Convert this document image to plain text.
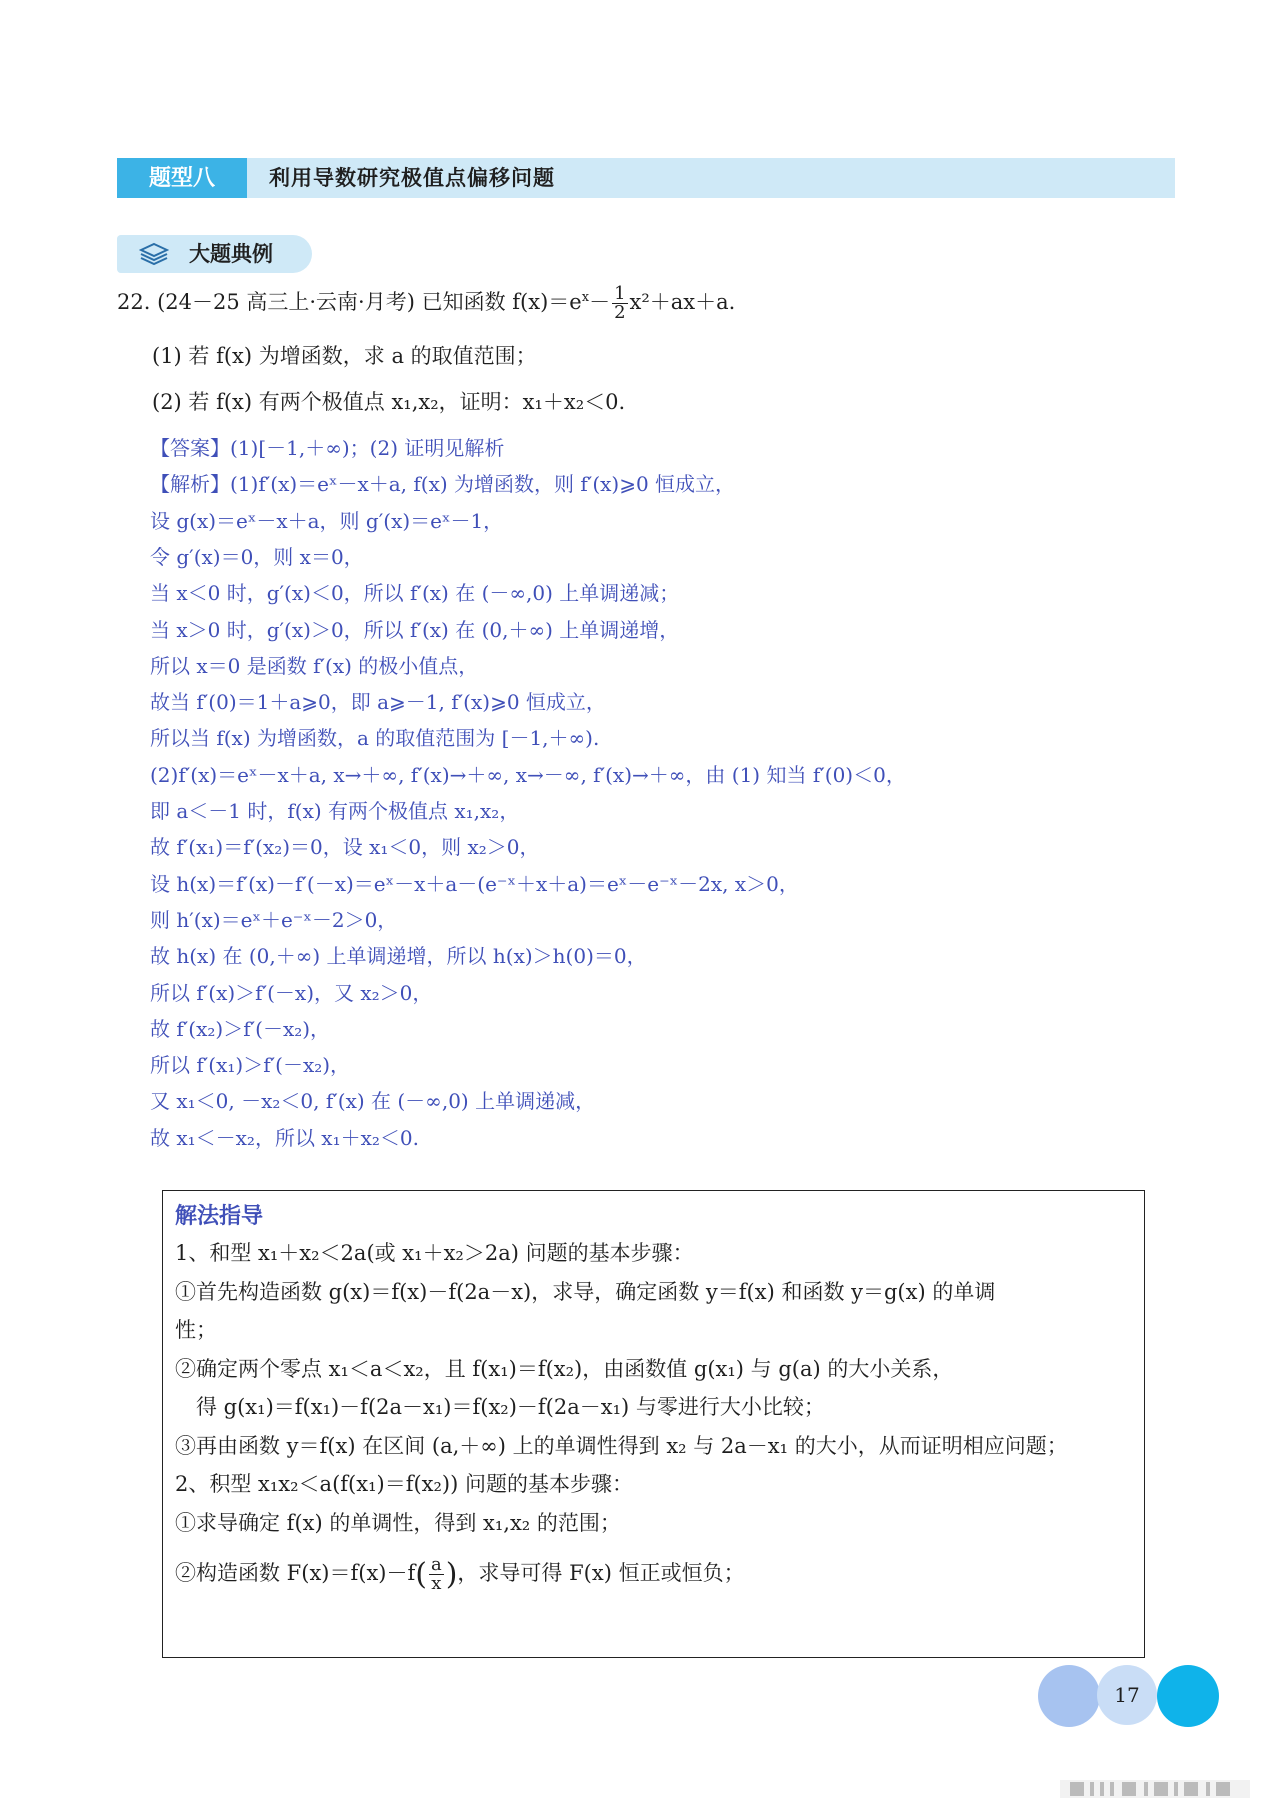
题型八	利用导数研究极值点偏移问题
大题典例
22. (24－25 高三上·云南·月考) 已知函数 $f(x)=e^x- \frac{1}{2} x^2+ax+a$.
(1) 若 f(x) 为增函数，求 a 的取值范围；
(2) 若 f(x) 有两个极值点 x₁,x₂，证明：x₁＋x₂＜0.
【答案】(1)[－1,＋∞)；(2) 证明见解析
【解析】(1)f′(x)＝eˣ－x＋a, f(x) 为增函数，则 f′(x)⩾0 恒成立，
设 g(x)＝eˣ－x＋a，则 g′(x)＝eˣ－1，
令 g′(x)＝0，则 x＝0，
当 x＜0 时，g′(x)＜0，所以 f′(x) 在 (－∞,0) 上单调递减；
当 x＞0 时，g′(x)＞0，所以 f′(x) 在 (0,＋∞) 上单调递增，
所以 x＝0 是函数 f′(x) 的极小值点，
故当 f′(0)＝1＋a⩾0，即 a⩾－1, f′(x)⩾0 恒成立，
所以当 f(x) 为增函数，a 的取值范围为 [－1,＋∞).
(2)f′(x)＝eˣ－x＋a, x→＋∞, f′(x)→＋∞, x→－∞, f′(x)→＋∞，由 (1) 知当 f′(0)＜0，
即 a＜－1 时，f(x) 有两个极值点 x₁,x₂，
故 f′(x₁)＝f′(x₂)＝0，设 x₁＜0，则 x₂＞0，
设 h(x)＝f′(x)－f′(－x)＝eˣ－x＋a－(e⁻ˣ＋x＋a)＝eˣ－e⁻ˣ－2x, x＞0，
则 h′(x)＝eˣ＋e⁻ˣ－2＞0，
故 h(x) 在 (0,＋∞) 上单调递增，所以 h(x)＞h(0)＝0，
所以 f′(x)＞f′(－x)，又 x₂＞0，
故 f′(x₂)＞f′(－x₂)，
所以 f′(x₁)＞f′(－x₂)，
又 x₁＜0, －x₂＜0, f′(x) 在 (－∞,0) 上单调递减，
故 x₁＜－x₂，所以 x₁＋x₂＜0.
解法指导
1、和型 x₁＋x₂＜2a(或 x₁＋x₂＞2a) 问题的基本步骤：
①首先构造函数 g(x)＝f(x)－f(2a－x)，求导，确定函数 y＝f(x) 和函数 y＝g(x) 的单调
性；
②确定两个零点 x₁＜a＜x₂，且 f(x₁)＝f(x₂)，由函数值 g(x₁) 与 g(a) 的大小关系，
　得 g(x₁)＝f(x₁)－f(2a－x₁)＝f(x₂)－f(2a－x₁) 与零进行大小比较；
③再由函数 y＝f(x) 在区间 (a,＋∞) 上的单调性得到 x₂ 与 2a－x₁ 的大小，从而证明相应问题；
2、积型 x₁x₂＜a(f(x₁)＝f(x₂)) 问题的基本步骤：
①求导确定 f(x) 的单调性，得到 x₁,x₂ 的范围；
②构造函数 $F(x)=f(x)-f( \frac{a}{x}$ )，求导可得 F(x) 恒正或恒负；
17
